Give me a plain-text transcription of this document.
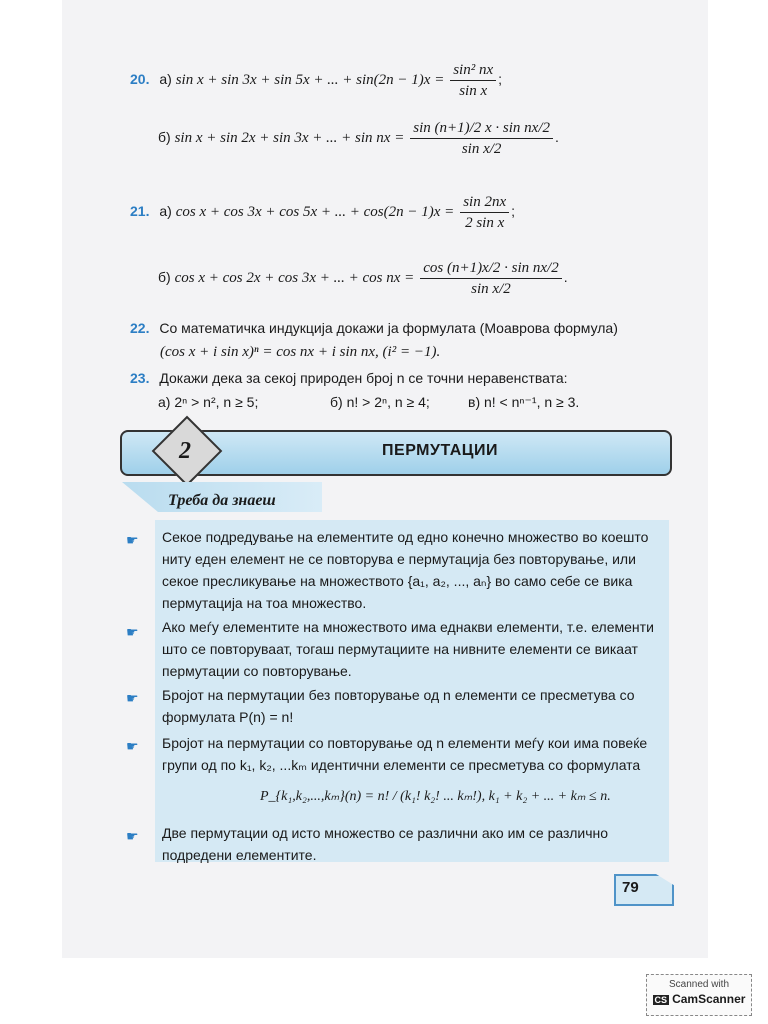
20. а) sin x + sin 3x + sin 5x + ... + $\sin(2n - 1)x = \frac{\text{sin² nx}}{\text{sin x}}$ ;
б) sin x + sin 2x + sin 3x + ... + sin nx = $\frac{\text{sin (n+1)/2 x · sin nx/2}}{\text{sin x/2}}$ .
21. а) cos x + cos 3x + cos 5x + ... + $\cos(2n - 1)x = \frac{\sin 2nx}{\text{2 sin x}}$ ;
б) cos x + cos 2x + cos 3x + ... + cos nx = $\frac{\text{cos (n+1)x/2 · sin nx/2}}{\text{sin x/2}}$ .
22. Со математичка индукција докажи ја формулата (Моаврова формула)
(cos x + i sin x)ⁿ = cos nx + i sin nx, (i² = −1).
23. Докажи дека за секој природен број n се точни неравенствата:
а) 2ⁿ > n², n ≥ 5;	б) n! > 2ⁿ, n ≥ 4;	в) n! < nⁿ⁻¹, n ≥ 3.
2	ПЕРМУТАЦИИ
Треба да знаеш
☛	Секое подредување на елементите од едно конечно множество во коешто ниту еден елемент не се повторува е пермутација без повторување, или секое пресликување на множеството {a₁, a₂, ..., aₙ} во само себе се вика пермутација на тоа множество.
☛	Ако меѓу елементите на множеството има еднакви елементи, т.е. елементи што се повторуваат, тогаш пермутациите на нивните елементи се викаат пермутации со повторување.
☛	Бројот на пермутации без повторување од n елементи се пресметува со формулата P(n) = n!
☛	Бројот на пермутации со повторување од n елементи меѓу кои има повеќе групи од по k₁, k₂, ...kₘ идентични елементи се пресметува со формулата
P_{k₁,k₂,...,kₘ}(n) = n! / (k₁! k₂! ... kₘ!), k₁ + k₂ + ... + kₘ ≤ n.
☛	Две пермутации од исто множество се различни ако им се различно подредени елементите.
79
Scanned with
CS CamScanner
